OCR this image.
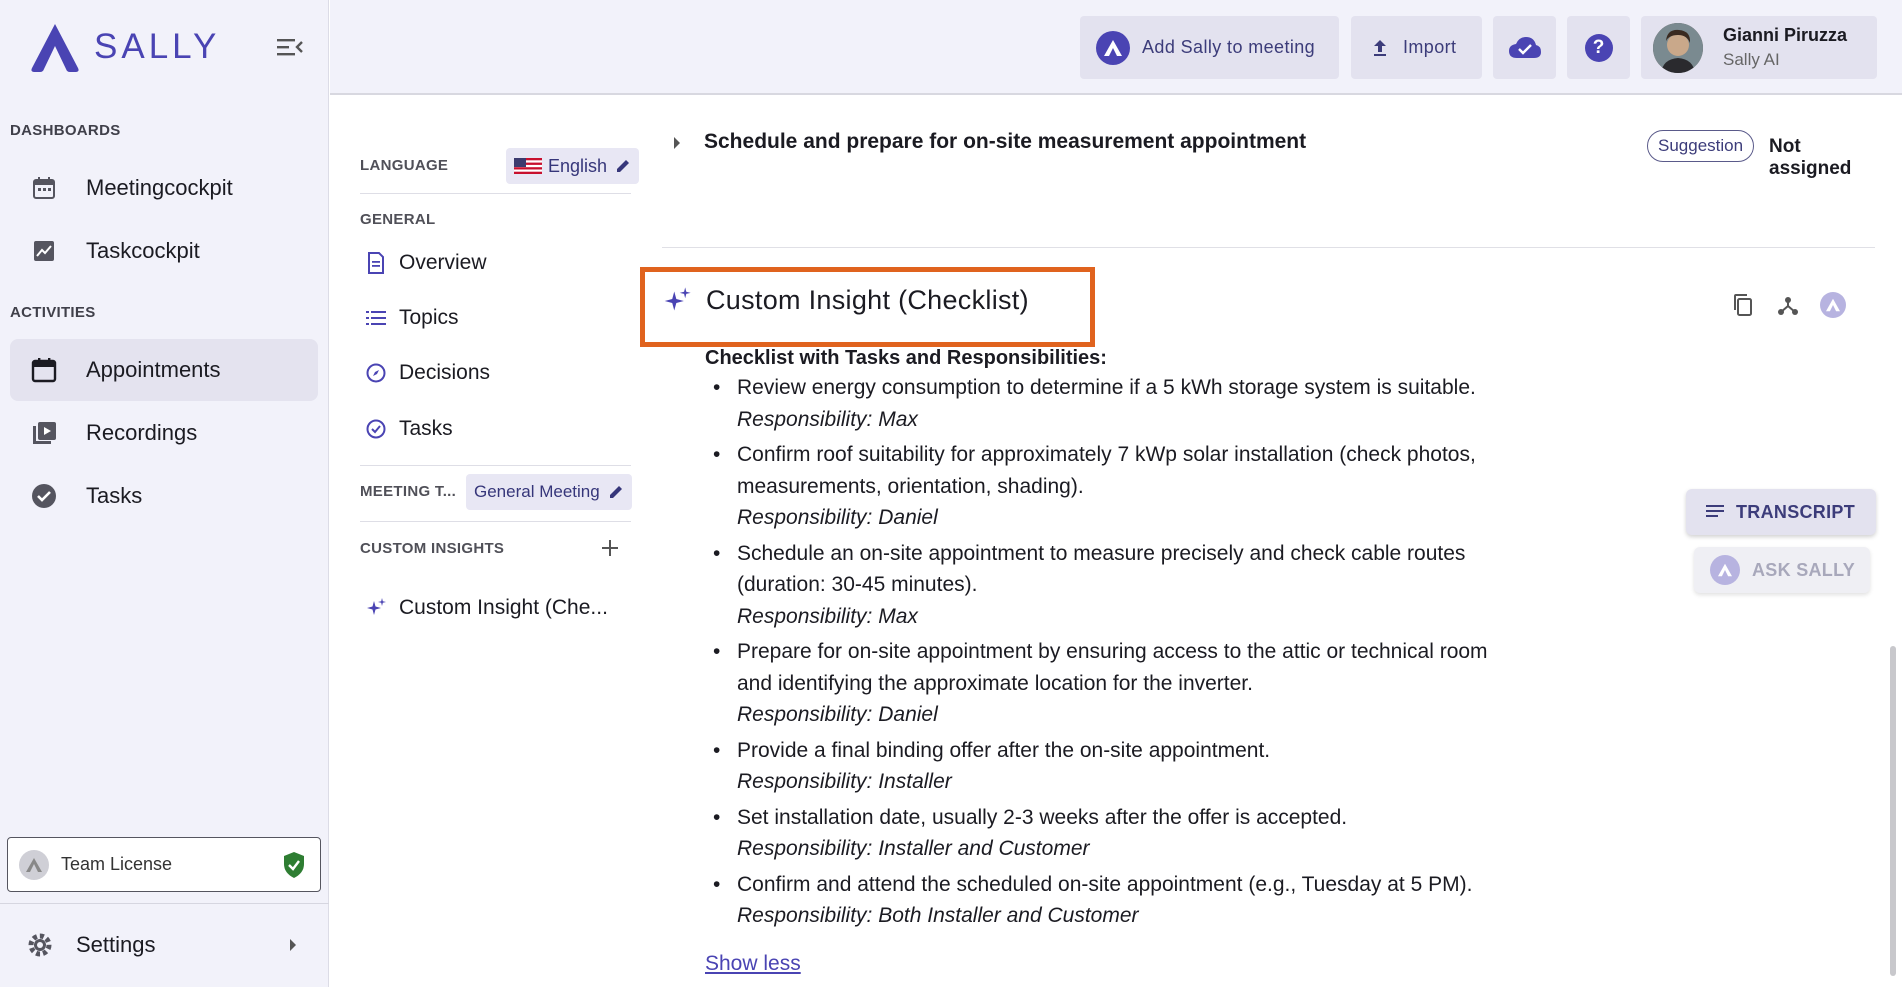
SALLY
DASHBOARDS
Meetingcockpit
Taskcockpit
ACTIVITIES
Appointments
Recordings
Tasks
Team License
Settings
Add Sally to meeting	Import	?
Gianni Piruzza
Sally AI
LANGUAGE	English
GENERAL
Overview
Topics
Decisions
Tasks
MEETING T... General Meeting
CUSTOM INSIGHTS
Custom Insight (Che...
Schedule and prepare for on-site measurement appointment	Suggestion	Not assigned
Custom Insight (Checklist)
Checklist with Tasks and Responsibilities:
• Review energy consumption to determine if a 5 kWh storage system is suitable.
Responsibility: Max
• Confirm roof suitability for approximately 7 kWp solar installation (check photos, measurements, orientation, shading).
Responsibility: Daniel
• Schedule an on-site appointment to measure precisely and check cable routes (duration: 30-45 minutes).
Responsibility: Max
• Prepare for on-site appointment by ensuring access to the attic or technical room and identifying the approximate location for the inverter.
Responsibility: Daniel
• Provide a final binding offer after the on-site appointment.
Responsibility: Installer
• Set installation date, usually 2-3 weeks after the offer is accepted.
Responsibility: Installer and Customer
• Confirm and attend the scheduled on-site appointment (e.g., Tuesday at 5 PM).
Responsibility: Both Installer and Customer
Show less
TRANSCRIPT
ASK SALLY
